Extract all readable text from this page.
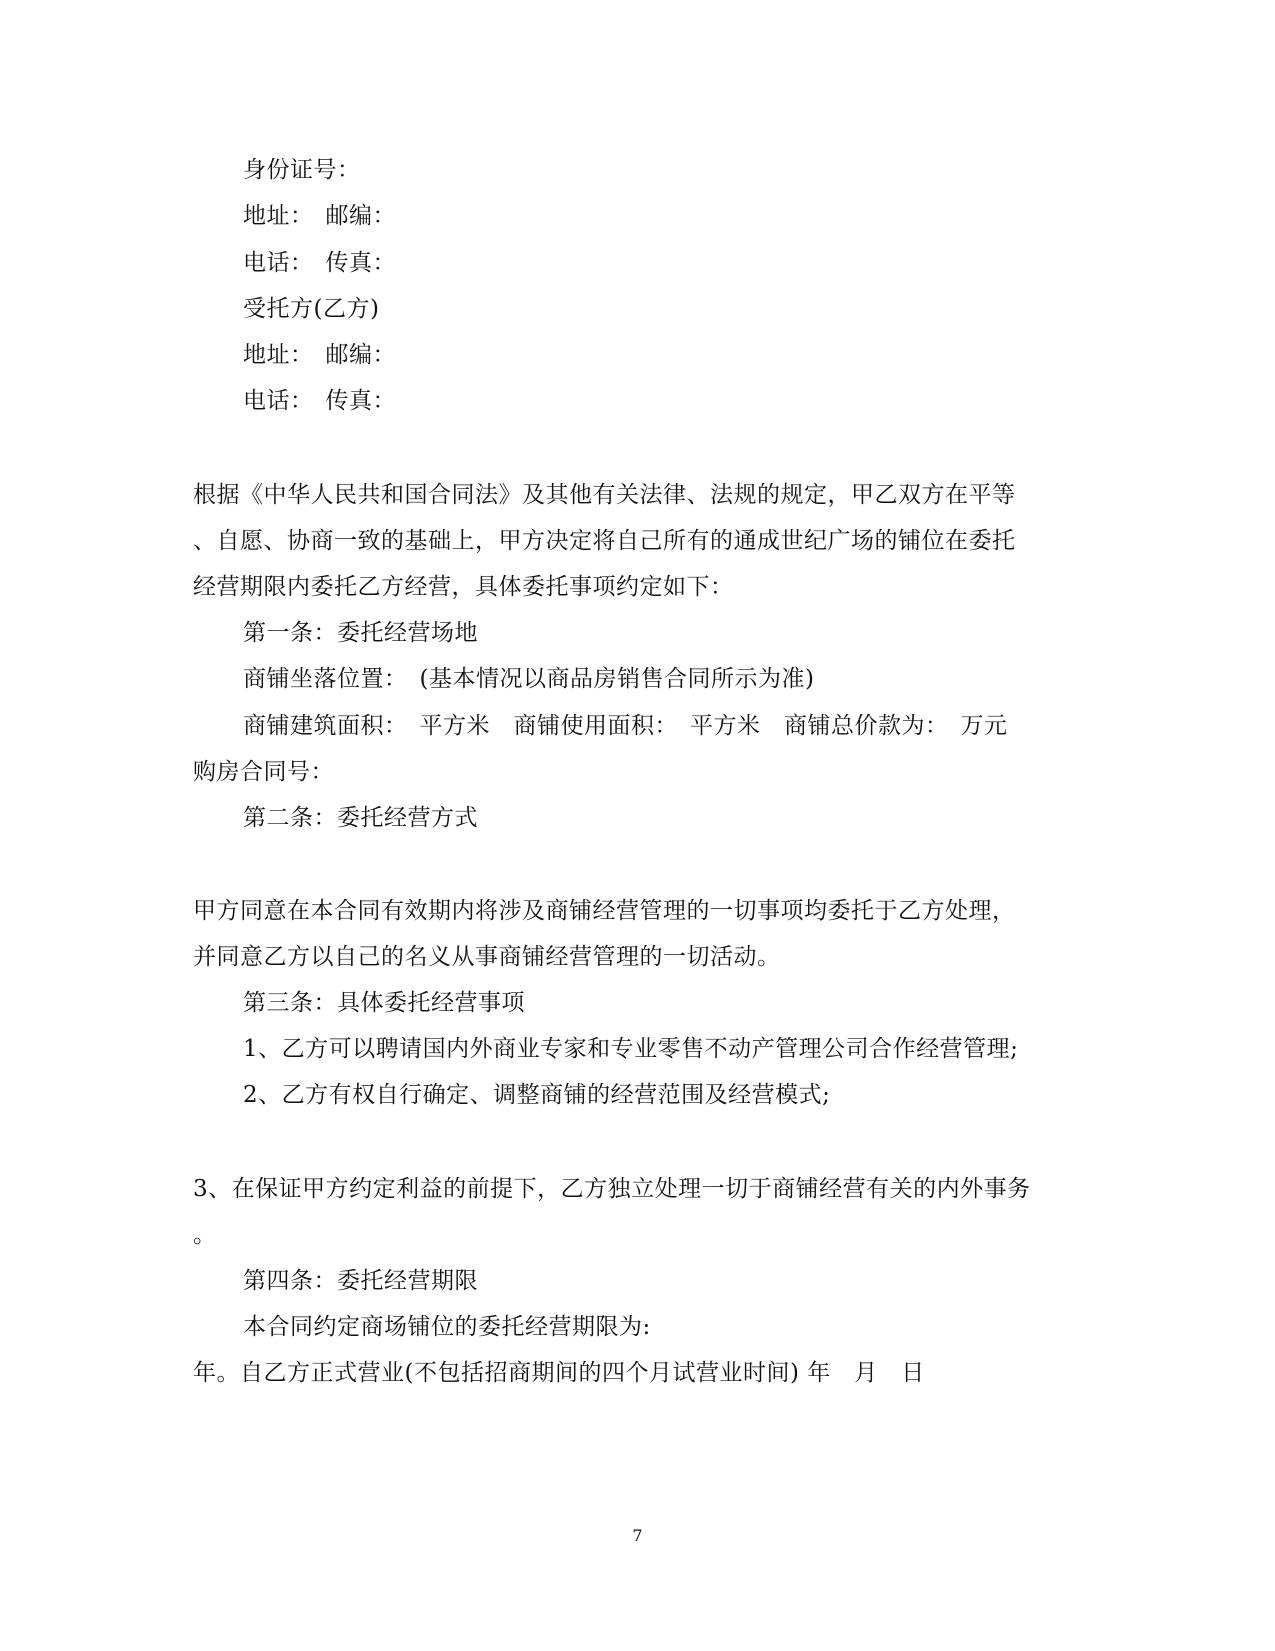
身份证号：
地址：　邮编：
电话：　传真：
受托方(乙方)
地址：　邮编：
电话：　传真：
根据《中华人民共和国合同法》及其他有关法律、法规的规定，甲乙双方在平等
、自愿、协商一致的基础上，甲方决定将自己所有的通成世纪广场的铺位在委托
经营期限内委托乙方经营，具体委托事项约定如下：
第一条：委托经营场地
商铺坐落位置：　(基本情况以商品房销售合同所示为准)
商铺建筑面积：　平方米　商铺使用面积：　平方米　商铺总价款为：　万元
购房合同号：
第二条：委托经营方式
甲方同意在本合同有效期内将涉及商铺经营管理的一切事项均委托于乙方处理，
并同意乙方以自己的名义从事商铺经营管理的一切活动。
第三条：具体委托经营事项
1、乙方可以聘请国内外商业专家和专业零售不动产管理公司合作经营管理;
2、乙方有权自行确定、调整商铺的经营范围及经营模式;
3、在保证甲方约定利益的前提下，乙方独立处理一切于商铺经营有关的内外事务
。
第四条：委托经营期限
本合同约定商场铺位的委托经营期限为:
年。自乙方正式营业(不包括招商期间的四个月试营业时间) 年　月　日
7
